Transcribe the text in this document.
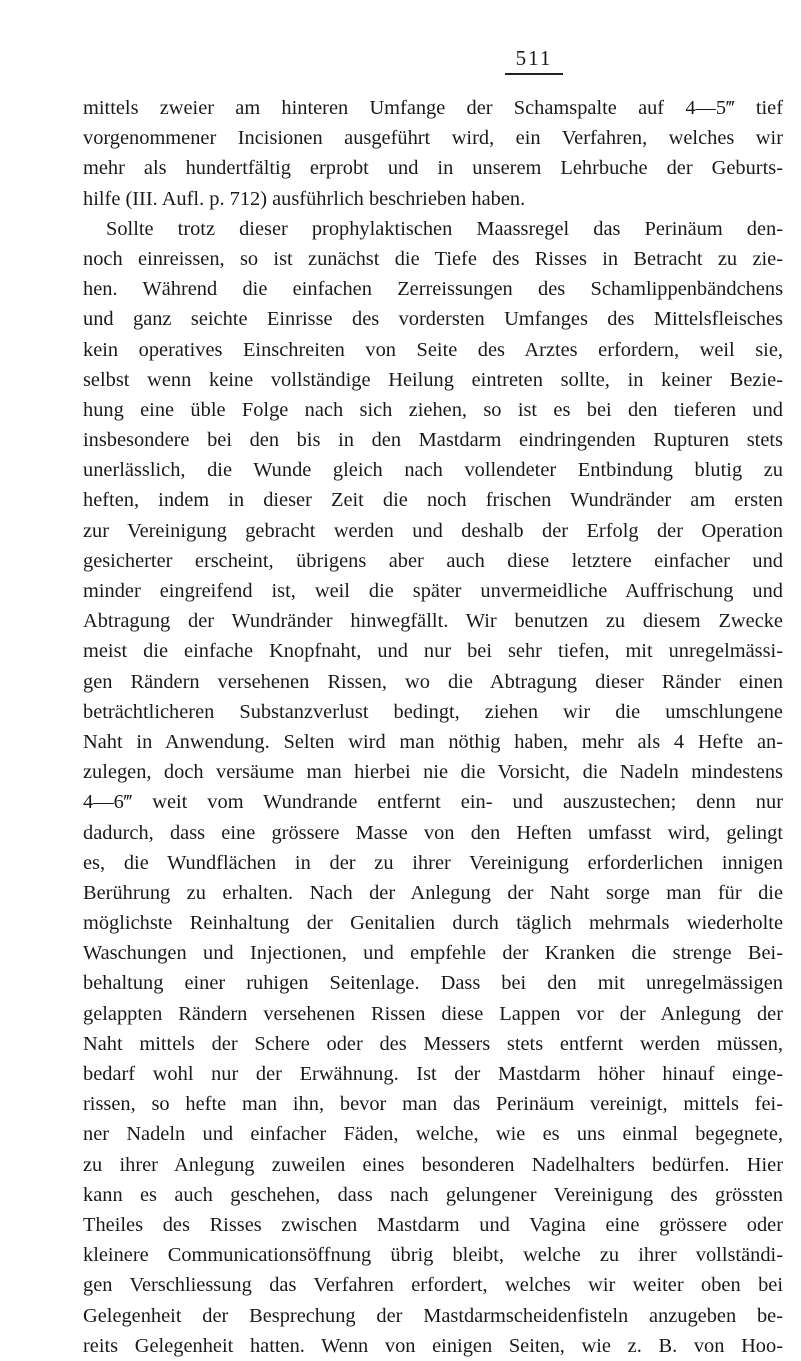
511
mittels zweier am hinteren Umfange der Schamspalte auf 4—5‴ tief
vorgenommener Incisionen ausgeführt wird, ein Verfahren, welches wir
mehr als hundertfältig erprobt und in unserem Lehrbuche der Geburts-
hilfe (III. Aufl. p. 712) ausführlich beschrieben haben.
Sollte trotz dieser prophylaktischen Maassregel das Perinäum den-
noch einreissen, so ist zunächst die Tiefe des Risses in Betracht zu zie-
hen. Während die einfachen Zerreissungen des Schamlippenbändchens
und ganz seichte Einrisse des vordersten Umfanges des Mittelsfleisches
kein operatives Einschreiten von Seite des Arztes erfordern, weil sie,
selbst wenn keine vollständige Heilung eintreten sollte, in keiner Bezie-
hung eine üble Folge nach sich ziehen, so ist es bei den tieferen und
insbesondere bei den bis in den Mastdarm eindringenden Rupturen stets
unerlässlich, die Wunde gleich nach vollendeter Entbindung blutig zu
heften, indem in dieser Zeit die noch frischen Wundränder am ersten
zur Vereinigung gebracht werden und deshalb der Erfolg der Operation
gesicherter erscheint, übrigens aber auch diese letztere einfacher und
minder eingreifend ist, weil die später unvermeidliche Auffrischung und
Abtragung der Wundränder hinwegfällt. Wir benutzen zu diesem Zwecke
meist die einfache Knopfnaht, und nur bei sehr tiefen, mit unregelmässi-
gen Rändern versehenen Rissen, wo die Abtragung dieser Ränder einen
beträchtlicheren Substanzverlust bedingt, ziehen wir die umschlungene
Naht in Anwendung. Selten wird man nöthig haben, mehr als 4 Hefte an-
zulegen, doch versäume man hierbei nie die Vorsicht, die Nadeln mindestens
4—6‴ weit vom Wundrande entfernt ein- und auszustechen; denn nur
dadurch, dass eine grössere Masse von den Heften umfasst wird, gelingt
es, die Wundflächen in der zu ihrer Vereinigung erforderlichen innigen
Berührung zu erhalten. Nach der Anlegung der Naht sorge man für die
möglichste Reinhaltung der Genitalien durch täglich mehrmals wiederholte
Waschungen und Injectionen, und empfehle der Kranken die strenge Bei-
behaltung einer ruhigen Seitenlage. Dass bei den mit unregelmässigen
gelappten Rändern versehenen Rissen diese Lappen vor der Anlegung der
Naht mittels der Schere oder des Messers stets entfernt werden müssen,
bedarf wohl nur der Erwähnung. Ist der Mastdarm höher hinauf einge-
rissen, so hefte man ihn, bevor man das Perinäum vereinigt, mittels fei-
ner Nadeln und einfacher Fäden, welche, wie es uns einmal begegnete,
zu ihrer Anlegung zuweilen eines besonderen Nadelhalters bedürfen. Hier
kann es auch geschehen, dass nach gelungener Vereinigung des grössten
Theiles des Risses zwischen Mastdarm und Vagina eine grössere oder
kleinere Communicationsöffnung übrig bleibt, welche zu ihrer vollständi-
gen Verschliessung das Verfahren erfordert, welches wir weiter oben bei
Gelegenheit der Besprechung der Mastdarmscheidenfisteln anzugeben be-
reits Gelegenheit hatten. Wenn von einigen Seiten, wie z. B. von Hoo-
